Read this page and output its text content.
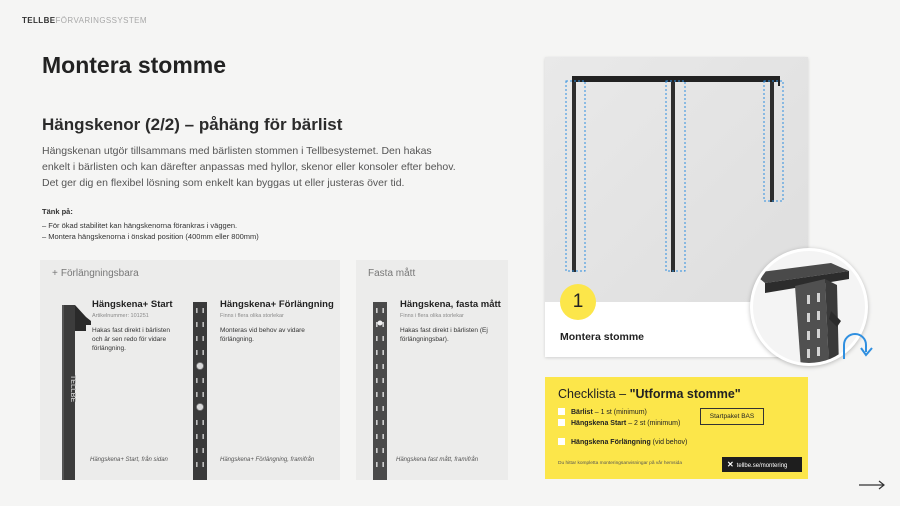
TELLBEFÖRVARINGSSYSTEM
Montera stomme
Hängskenor (2/2) – påhäng för bärlist

Hängskenan utgör tillsammans med bärlisten stommen i Tellbesystemet. Den hakas enkelt i bärlisten och kan därefter anpassas med hyllor, skenor eller konsoler efter behov. Det ger dig en flexibel lösning som enkelt kan byggas ut eller justeras över tid.

Tänk på:
– För ökad stabilitet kan hängskenorna förankras i väggen.
– Montera hängskenorna i önskad position (400mm eller 800mm)
+ Förlängningsbara
TELLBE
Hängskena+ Start
Artikelnummer: 101251
Hakas fast direkt i bärlisten och är sen redo för vidare förlängning.
Hängskena+ Start, från sidan
Hängskena+ Förlängning
Finns i flera olika storlekar
Monteras vid behov av vidare förlängning.
Hängskena+ Förlängning, framifrån
Fasta mått
Hängskena, fasta mått
Finns i flera olika storlekar
Hakas fast direkt i bärlisten (Ej förlängningsbar).
Hängskena fast mått, framifrån
1
Montera stomme
Checklista – "Utforma stomme"
Bärlist – 1 st (minimum)
Hängskena Start – 2 st (minimum)
Hängskena Förlängning (vid behov)
Startpaket BAS
Du hittar kompletta monteringsanvisningar på vår hemsida	✕ tellbe.se/montering
